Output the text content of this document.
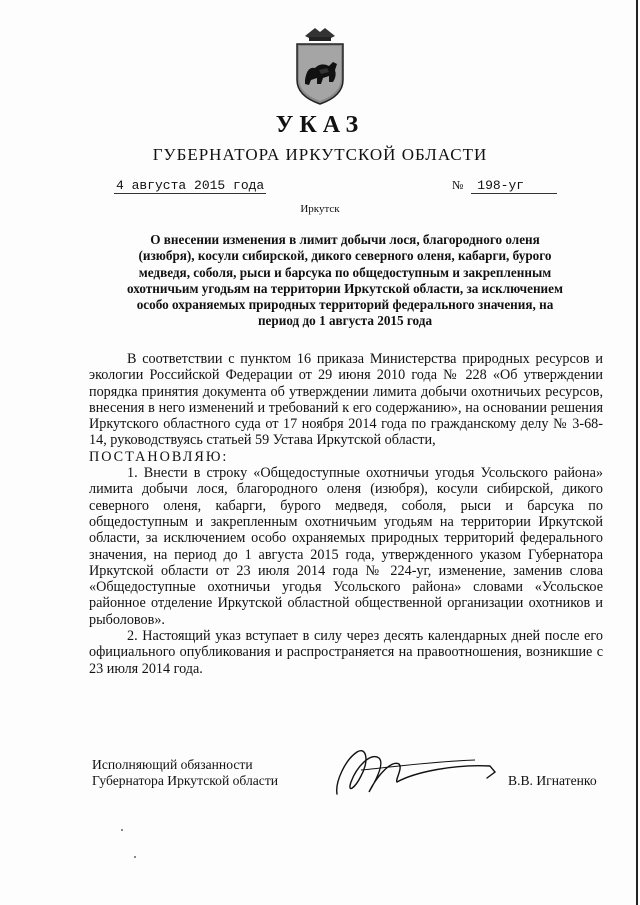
УКАЗ
ГУБЕРНАТОРА ИРКУТСКОЙ ОБЛАСТИ
4 августа 2015 года	№ 198-уг
Иркутск
О внесении изменения в лимит добычи лося, благородного оленя
(изюбря), косули сибирской, дикого северного оленя, кабарги, бурого
медведя, соболя, рыси и барсука по общедоступным и закрепленным
охотничьим угодьям на территории Иркутской области, за исключением
особо охраняемых природных территорий федерального значения, на
период до 1 августа 2015 года

В соответствии с пунктом 16 приказа Министерства природных ресурсов и экологии Российской Федерации от 29 июня 2010 года № 228 «Об утверждении порядка принятия документа об утверждении лимита добычи охотничьих ресурсов, внесения в него изменений и требований к его содержанию», на основании решения Иркутского областного суда от 17 ноября 2014 года по гражданскому делу № 3-68-14, руководствуясь статьей 59 Устава Иркутской области,

ПОСТАНОВЛЯЮ:

1. Внести в строку «Общедоступные охотничьи угодья Усольского района» лимита добычи лося, благородного оленя (изюбря), косули сибирской, дикого северного оленя, кабарги, бурого медведя, соболя, рыси и барсука по общедоступным и закрепленным охотничьим угодьям на территории Иркутской области, за исключением особо охраняемых природных территорий федерального значения, на период до 1 августа 2015 года, утвержденного указом Губернатора Иркутской области от 23 июля 2014 года № 224-уг, изменение, заменив слова «Общедоступные охотничьи угодья Усольского района» словами «Усольское районное отделение Иркутской областной общественной организации охотников и рыболовов».

2. Настоящий указ вступает в силу через десять календарных дней после его официального опубликования и распространяется на правоотношения, возникшие с 23 июля 2014 года.

Исполняющий обязанности
Губернатора Иркутской области	В.В. Игнатенко
